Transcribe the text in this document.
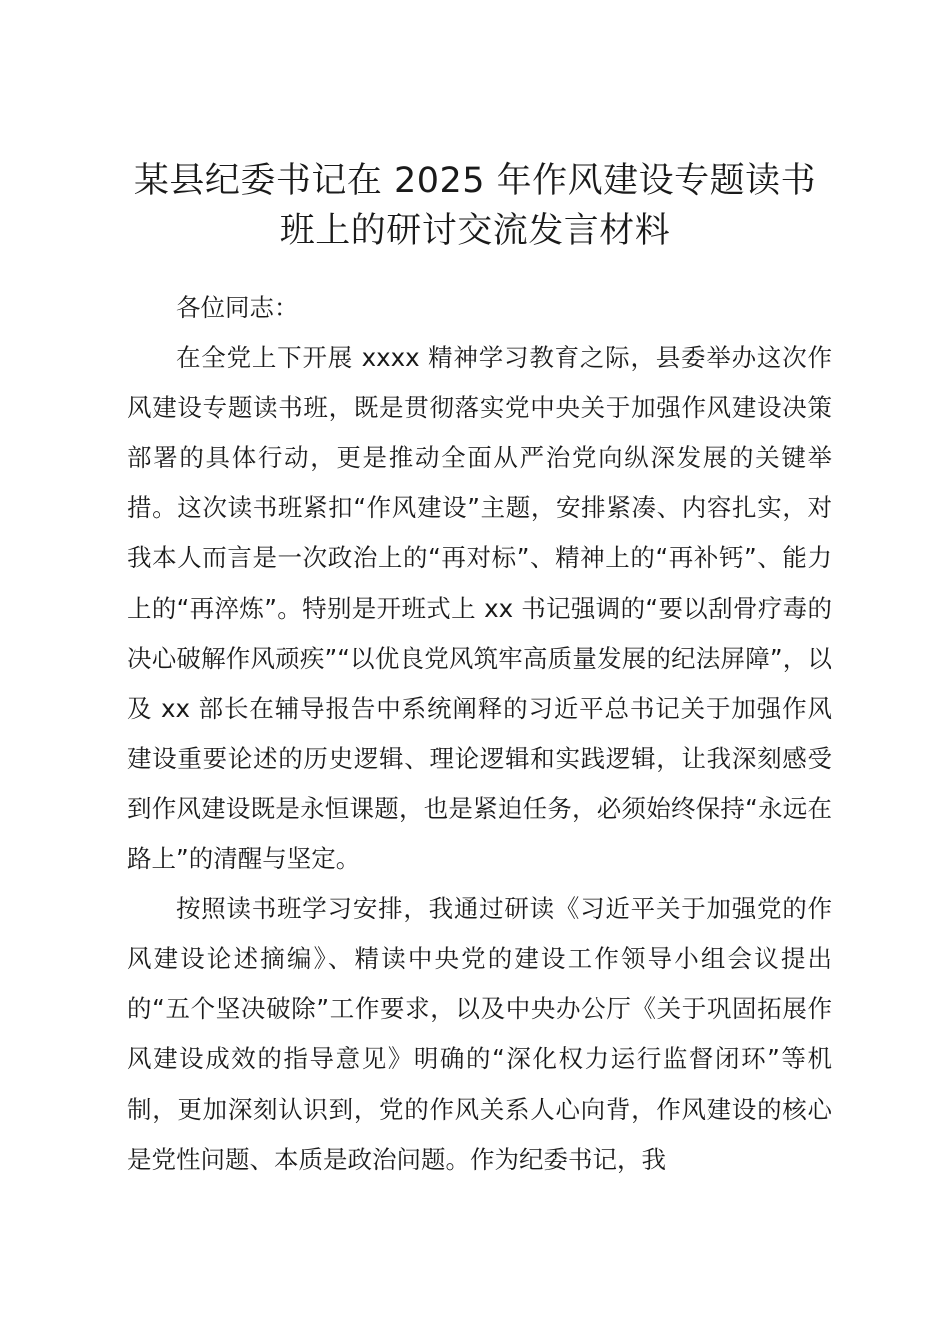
某县纪委书记在 2025 年作风建设专题读书班上的研讨交流发言材料

各位同志：

在全党上下开展 xxxx 精神学习教育之际，县委举办这次作风建设专题读书班，既是贯彻落实党中央关于加强作风建设决策部署的具体行动，更是推动全面从严治党向纵深发展的关键举措。这次读书班紧扣“作风建设”主题，安排紧凑、内容扎实，对我本人而言是一次政治上的“再对标”、精神上的“再补钙”、能力上的“再淬炼”。特别是开班式上 xx 书记强调的“要以刮骨疗毒的决心破解作风顽疾”“以优良党风筑牢高质量发展的纪法屏障”，以及 xx 部长在辅导报告中系统阐释的习近平总书记关于加强作风建设重要论述的历史逻辑、理论逻辑和实践逻辑，让我深刻感受到作风建设既是永恒课题，也是紧迫任务，必须始终保持“永远在路上”的清醒与坚定。

按照读书班学习安排，我通过研读《习近平关于加强党的作风建设论述摘编》、精读中央党的建设工作领导小组会议提出的“五个坚决破除”工作要求，以及中央办公厅《关于巩固拓展作风建设成效的指导意见》明确的“深化权力运行监督闭环”等机制，更加深刻认识到，党的作风关系人心向背，作风建设的核心是党性问题、本质是政治问题。作为纪委书记，我
